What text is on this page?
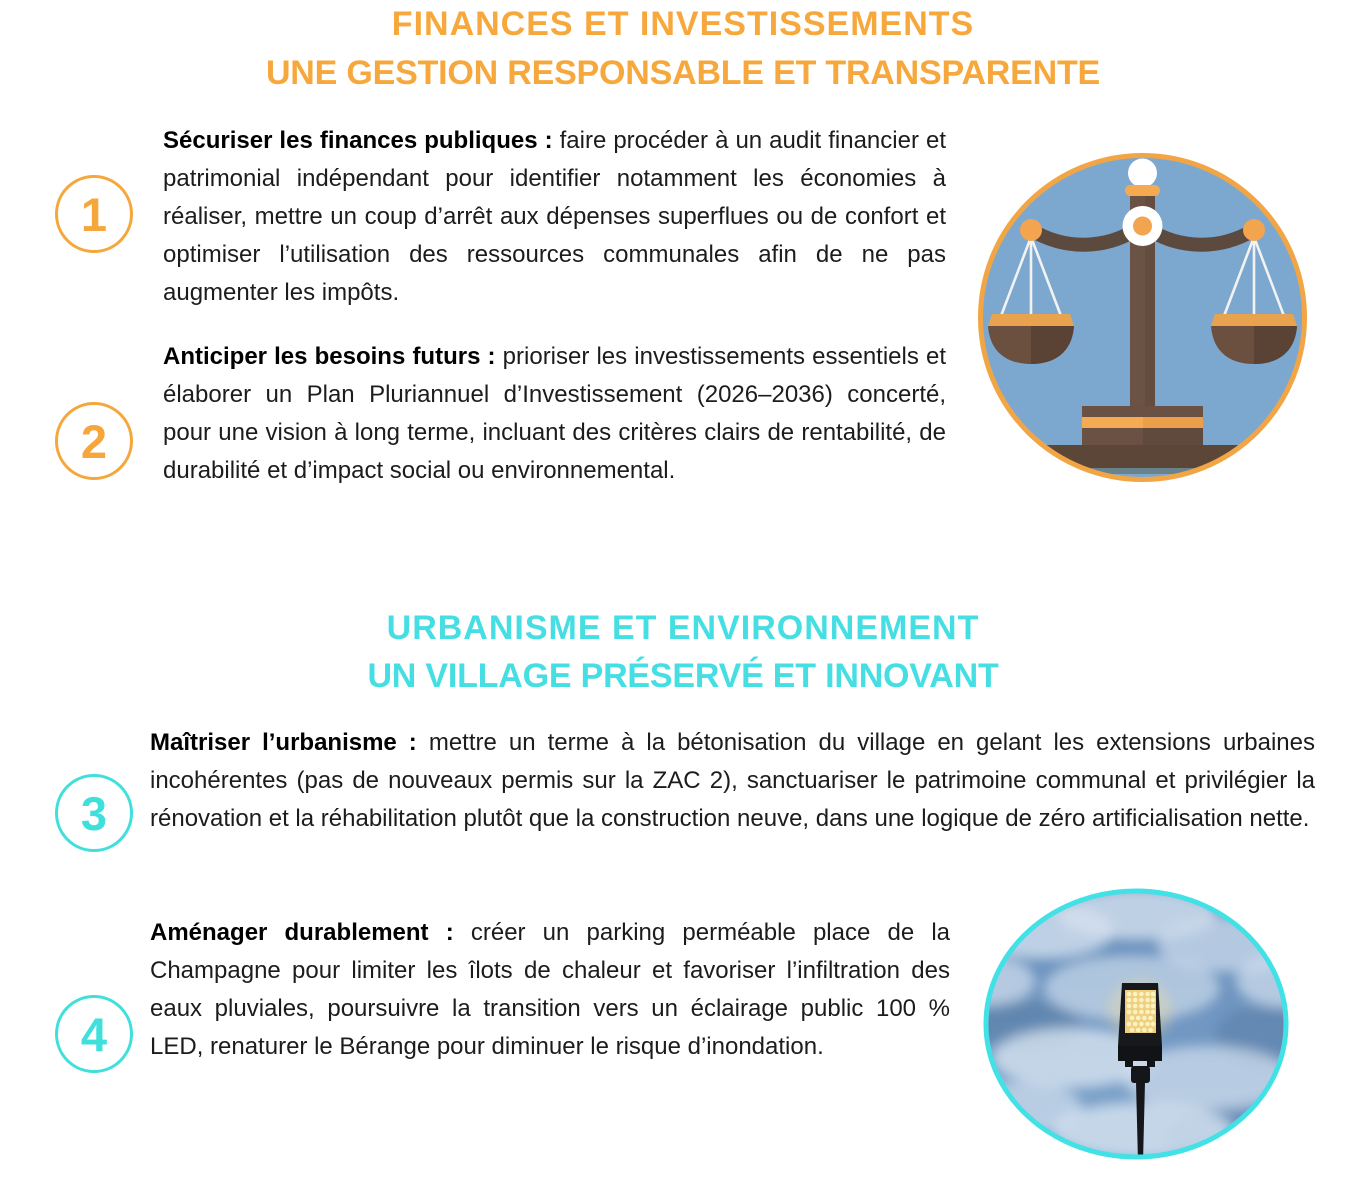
FINANCES ET INVESTISSEMENTS
UNE GESTION RESPONSABLE ET TRANSPARENTE
1

Sécuriser les finances publiques : faire procéder à un audit financier et patrimonial indépendant pour identifier notamment les économies à réaliser, mettre un coup d’arrêt aux dépenses superflues ou de confort et optimiser l’utilisation des ressources communales afin de ne pas augmenter les impôts.

2

Anticiper les besoins futurs : prioriser les investissements essentiels et élaborer un Plan Pluriannuel d’Investissement (2026–2036) concerté, pour une vision à long terme, incluant des critères clairs de rentabilité, de durabilité et d’impact social ou environnemental.

URBANISME ET ENVIRONNEMENT
UN VILLAGE PRÉSERVÉ ET INNOVANT
3

Maîtriser l’urbanisme : mettre un terme à la bétonisation du village en gelant les extensions urbaines incohérentes (pas de nouveaux permis sur la ZAC 2), sanctuariser le patrimoine communal et privilégier la rénovation et la réhabilitation plutôt que la construction neuve, dans une logique de zéro artificialisation nette.

4

Aménager durablement : créer un parking perméable place de la Champagne pour limiter les îlots de chaleur et favoriser l’infiltration des eaux pluviales, poursuivre la transition vers un éclairage public 100 % LED, renaturer le Bérange pour diminuer le risque d’inondation.
